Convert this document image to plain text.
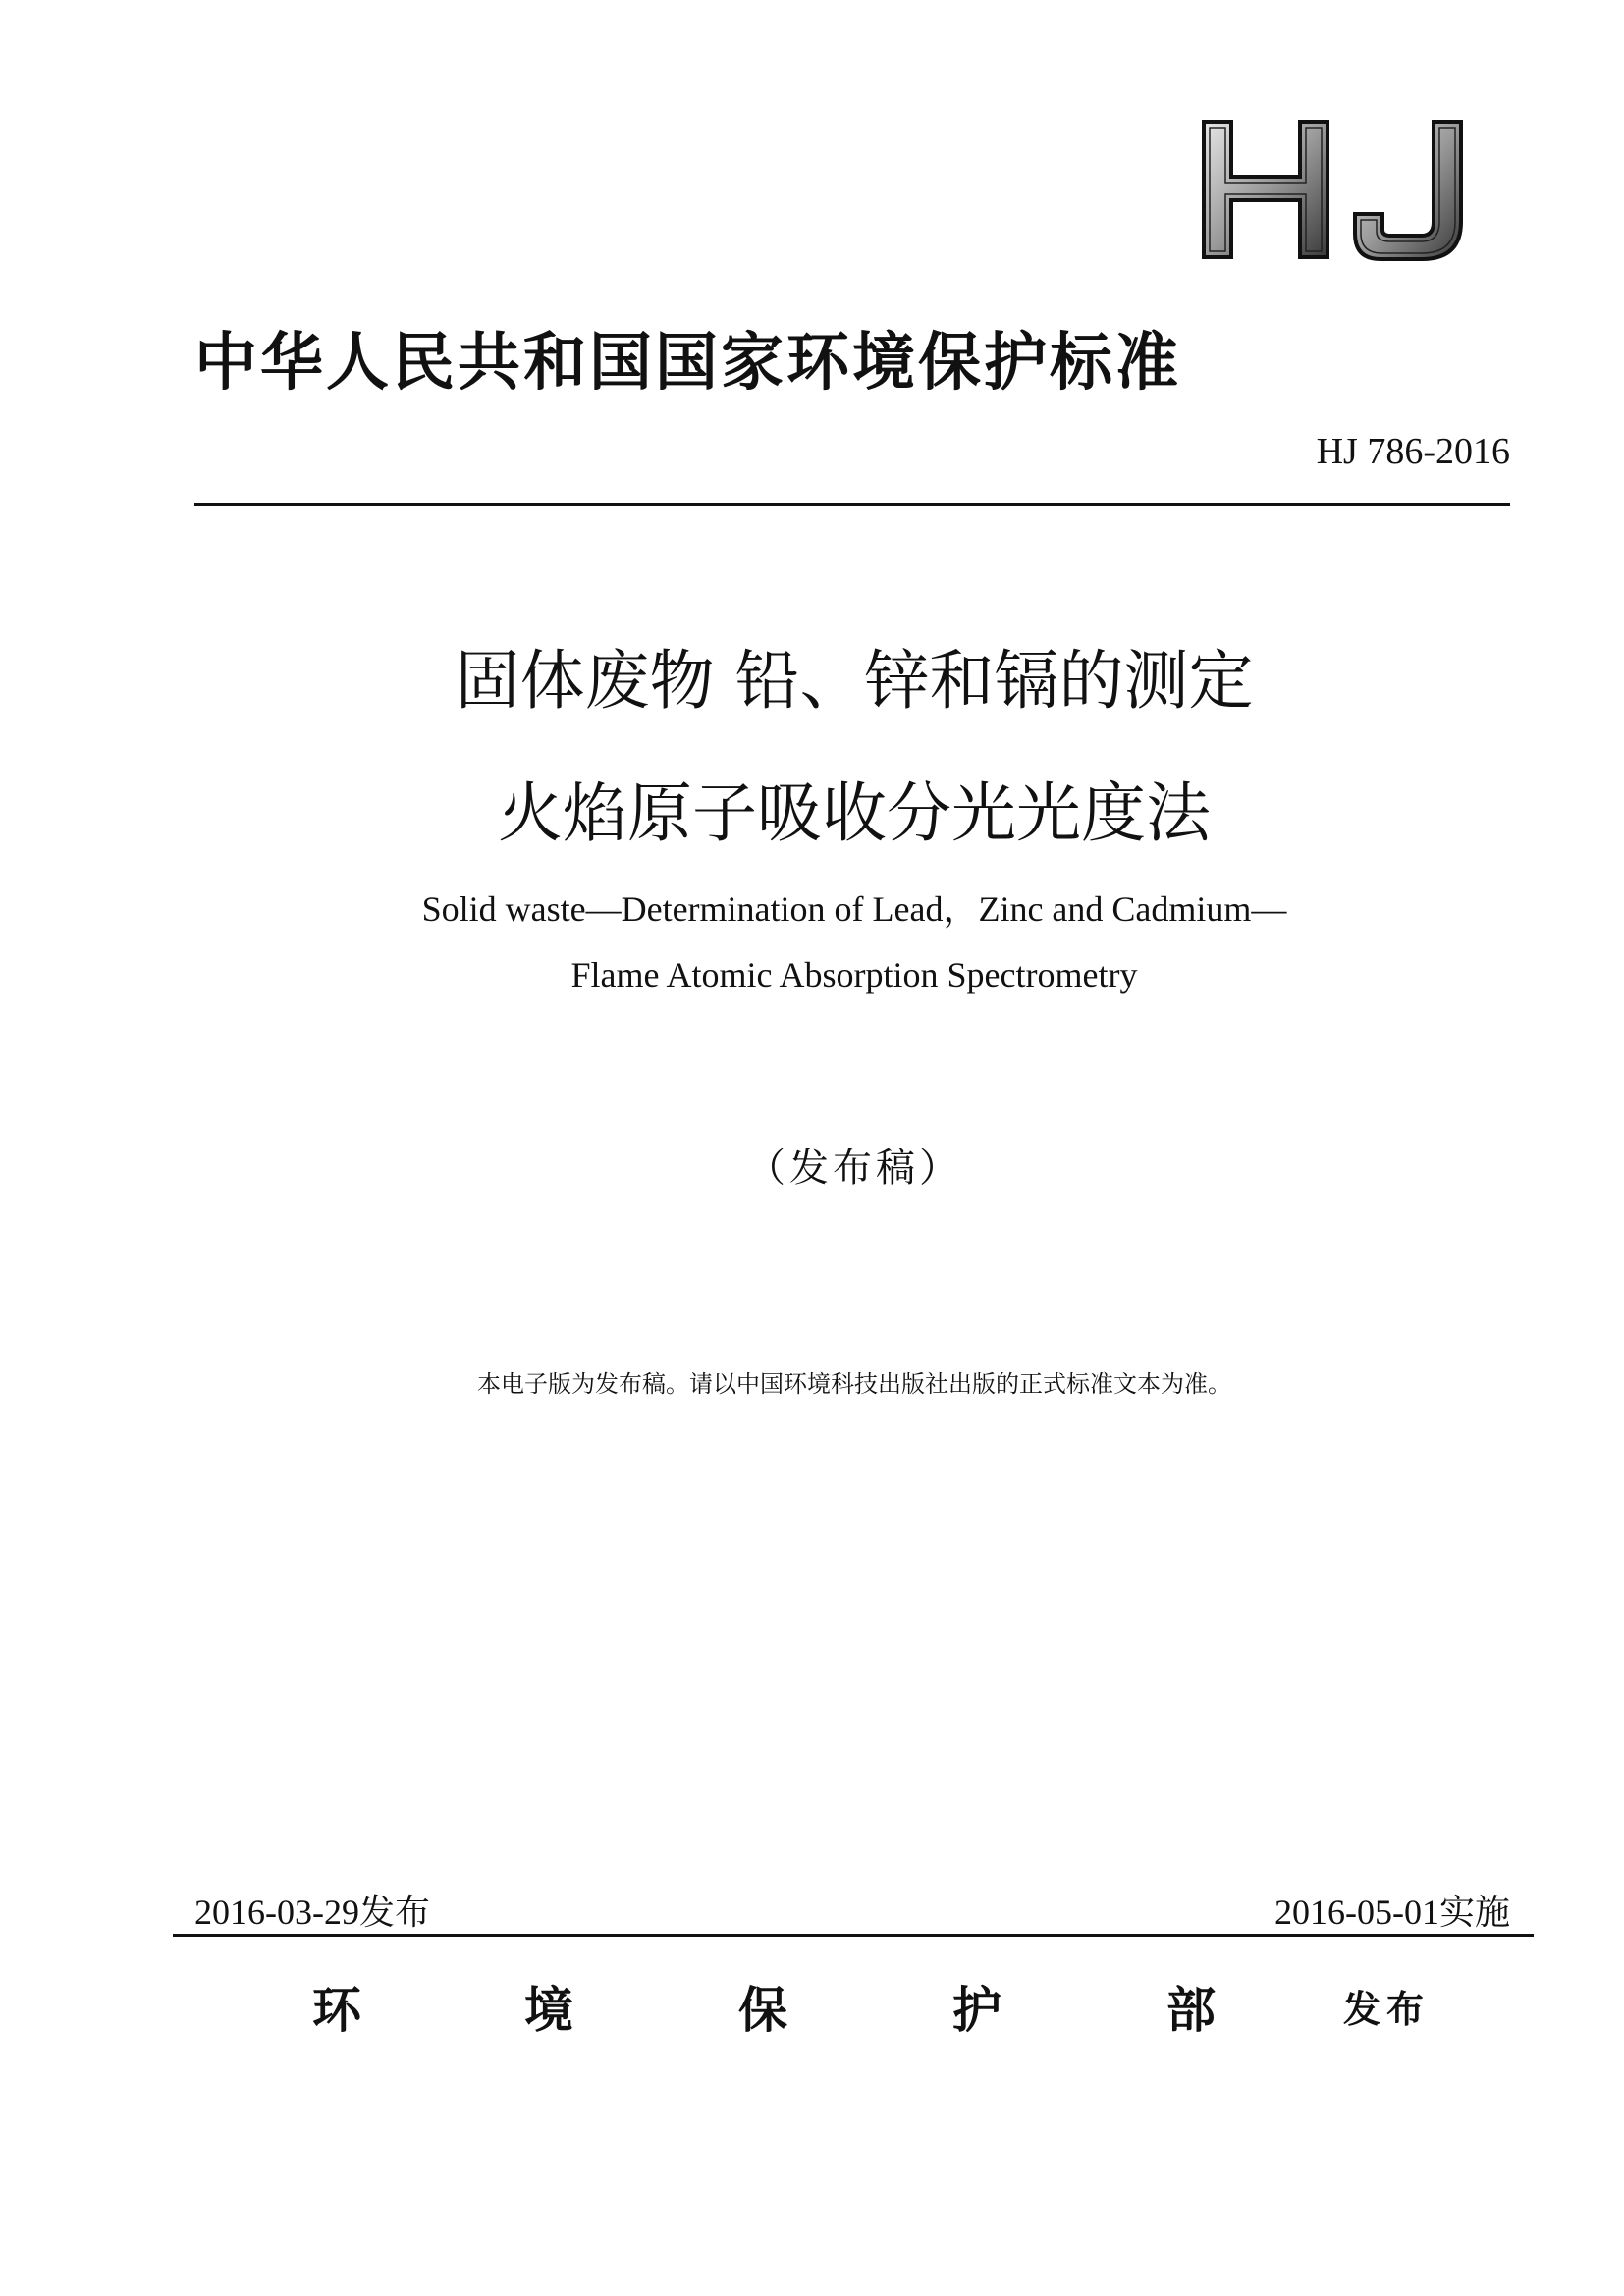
中华人民共和国国家环境保护标准
HJ 786-2016
固体废物 铅、锌和镉的测定
火焰原子吸收分光光度法
Solid waste—Determination of Lead，Zinc and Cadmium—
Flame Atomic Absorption Spectrometry
（发布稿）
本电子版为发布稿。请以中国环境科技出版社出版的正式标准文本为准。
2016-03-29发布	2016-05-01实施
环	境	保	护	部	发布
